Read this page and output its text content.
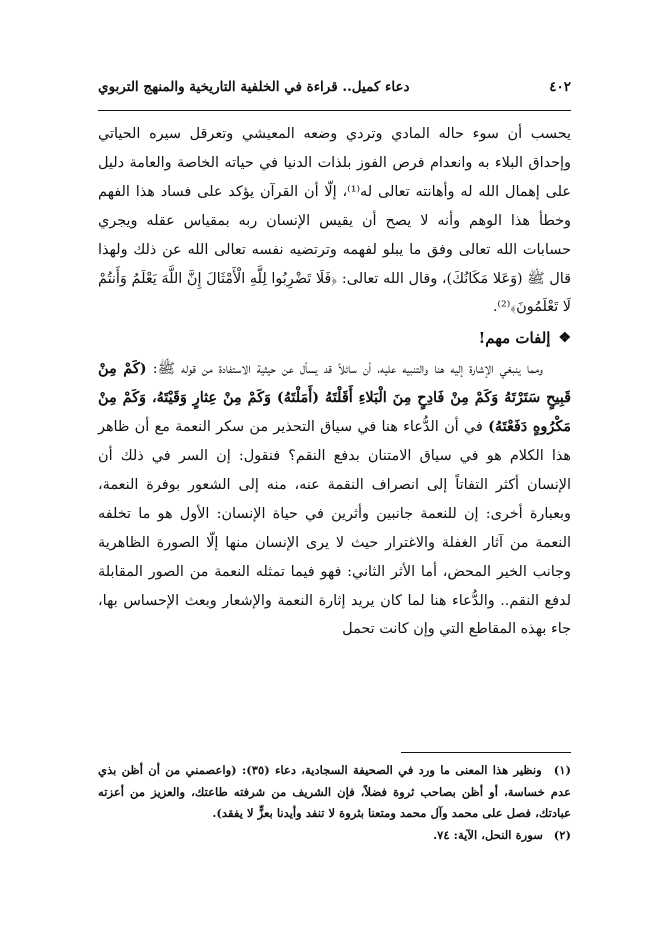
٤٠٢
دعاء كميل.. قراءة في الخلفية التاريخية والمنهج التربوي

يحسب أن سوء حاله المادي وتردي وضعه المعيشي وتعرقل سيره الحياتي وإحداق البلاء به وانعدام فرص الفوز بلذات الدنيا في حياته الخاصة والعامة دليل على إهمال الله له وأهانته تعالى له⁽¹⁾، إلّا أن القرآن يؤكد على فساد هذا الفهم وخطأ هذا الوهم وأنه لا يصح أن يقيس الإنسان ربه بمقياس عقله ويجري حسابات الله تعالى وفق ما يبلو لفهمه وترتضيه نفسه تعالى الله عن ذلك ولهذا قال ﷺ (وَعَلا مَكَانُكَ)، وقال الله تعالى: ﴿فَلَا تَضْرِبُوا لِلَّهِ الْأَمْثَالَ إِنَّ اللَّهَ يَعْلَمُ وَأَنتُمْ لَا تَعْلَمُونَ﴾⁽²⁾.

❖
إلفات مهم!

ومما ينبغي الإشارة إليه هنا والتنبيه عليه، أن سائلاً قد يسأل عن حيثية الاستفادة من قوله ﷺ: (كَمْ مِنْ قَبِيحٍ سَتَرْتَهُ وَكَمْ مِنْ فَادِحٍ مِنَ الْبَلاءِ أَقَلْتَهُ (أَمَلْتَهُ) وَكَمْ مِنْ عِثارٍ وَقَيْتَهُ، وَكَمْ مِنْ مَكْرُوهٍ دَفَعْتَهُ) في أن الدُّعاء هنا في سياق التحذير من سكر النعمة مع أن ظاهر هذا الكلام هو في سياق الامتنان بدفع النقم؟ فنقول: إن السر في ذلك أن الإنسان أكثر التفاتاً إلى انصراف النقمة عنه، منه إلى الشعور بوفرة النعمة، وبعبارة أخرى: إن للنعمة جانبين وأثرين في حياة الإنسان: الأول هو ما تخلفه النعمة من آثار الغفلة والاغترار حيث لا يرى الإنسان منها إلّا الصورة الظاهرية وجانب الخير المحض، أما الأثر الثاني: فهو فيما تمثله النعمة من الصور المقابلة لدفع النقم.. والدُّعاء هنا لما كان يريد إثارة النعمة والإشعار وبعث الإحساس بها، جاء بهذه المقاطع التي وإن كانت تحمل

(١) ونظير هذا المعنى ما ورد في الصحيفة السجادية، دعاء (٣٥): (واعصمني من أن أظن بذي عدم خساسة، أو أظن بصاحب ثروة فضلاً، فإن الشريف من شرفته طاعتك، والعزيز من أعزته عبادتك، فصل على محمد وآل محمد ومتعنا بثروة لا تنفد وأيدنا بعزٍّ لا يفقد).

(٢) سورة النحل، الآية: ٧٤.
